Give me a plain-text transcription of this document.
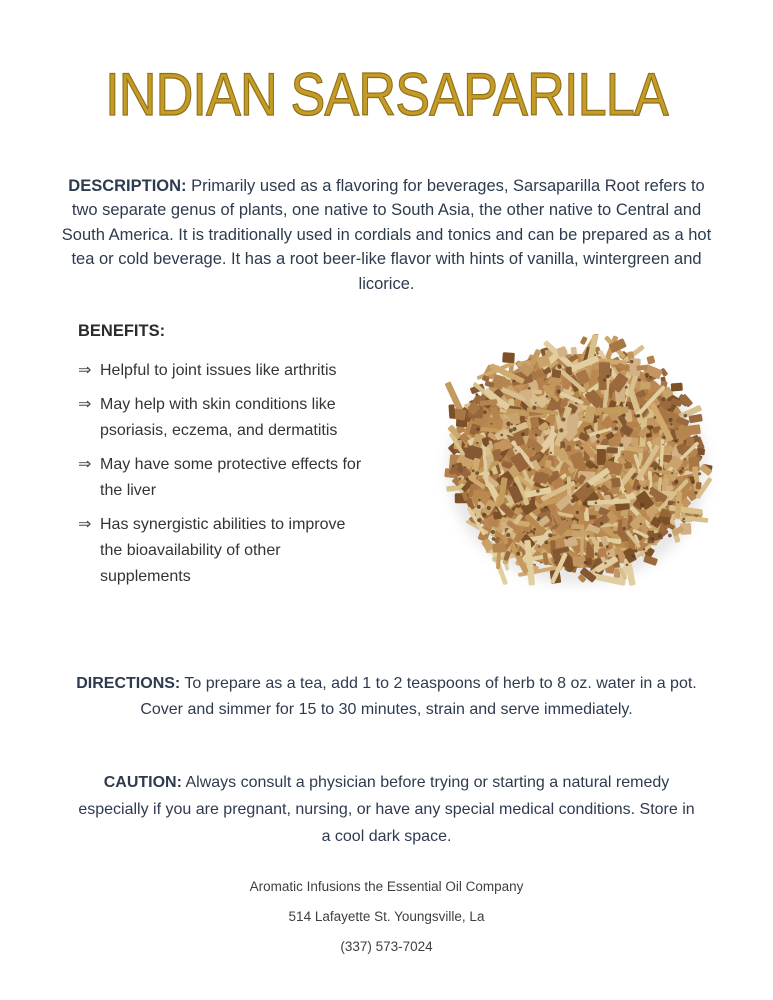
INDIAN SARSAPARILLA

DESCRIPTION: Primarily used as a flavoring for beverages, Sarsaparilla Root refers to two separate genus of plants, one native to South Asia, the other native to Central and South America. It is traditionally used in cordials and tonics and can be prepared as a hot tea or cold beverage. It has a root beer-like flavor with hints of vanilla, wintergreen and licorice.

BENEFITS:
⇒ Helpful to joint issues like arthritis
⇒ May help with skin conditions like psoriasis, eczema, and dermatitis
⇒ May have some protective effects for the liver
⇒ Has synergistic abilities to improve the bioavailability of other supplements

DIRECTIONS: To prepare as a tea, add 1 to 2 teaspoons of herb to 8 oz. water in a pot. Cover and simmer for 15 to 30 minutes, strain and serve immediately.

CAUTION: Always consult a physician before trying or starting a natural remedy especially if you are pregnant, nursing, or have any special medical conditions. Store in a cool dark space.

Aromatic Infusions the Essential Oil Company
514 Lafayette St. Youngsville, La
(337) 573-7024
